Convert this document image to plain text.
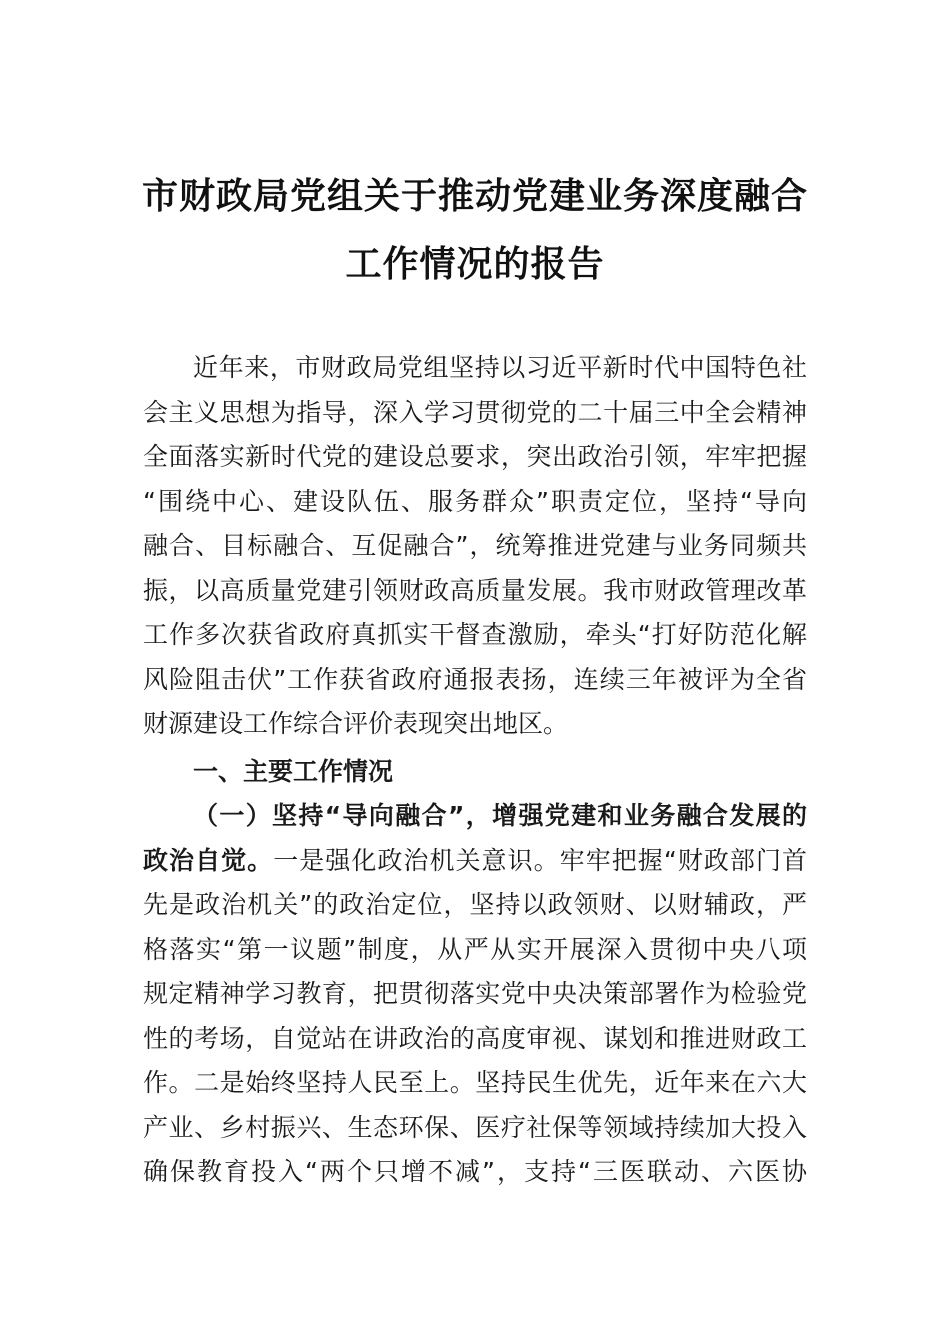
市财政局党组关于推动党建业务深度融合
工作情况的报告
近年来，市财政局党组坚持以习近平新时代中国特色社
会主义思想为指导，深入学习贯彻党的二十届三中全会精神
全面落实新时代党的建设总要求，突出政治引领，牢牢把握
“围绕中心、建设队伍、服务群众”职责定位，坚持“导向
融合、目标融合、互促融合”，统筹推进党建与业务同频共
振，以高质量党建引领财政高质量发展。我市财政管理改革
工作多次获省政府真抓实干督查激励，牵头“打好防范化解
风险阻击伏”工作获省政府通报表扬，连续三年被评为全省
财源建设工作综合评价表现突出地区。
一、主要工作情况
（一）坚持“导向融合”，增强党建和业务融合发展的
政治自觉。一是强化政治机关意识。牢牢把握“财政部门首
先是政治机关”的政治定位，坚持以政领财、以财辅政，严
格落实“第一议题”制度，从严从实开展深入贯彻中央八项
规定精神学习教育，把贯彻落实党中央决策部署作为检验党
性的考场，自觉站在讲政治的高度审视、谋划和推进财政工
作。二是始终坚持人民至上。坚持民生优先，近年来在六大
产业、乡村振兴、生态环保、医疗社保等领域持续加大投入
确保教育投入“两个只增不减”，支持“三医联动、六医协
